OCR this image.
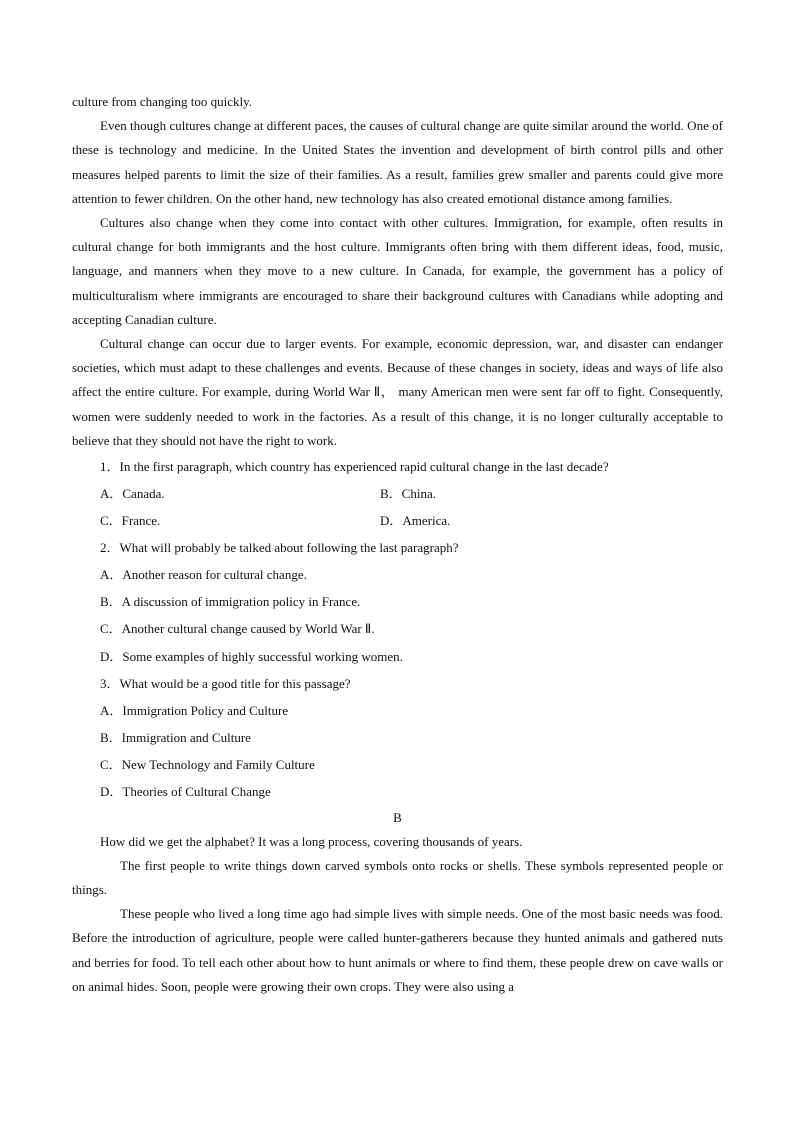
culture from changing too quickly.

Even though cultures change at different paces, the causes of cultural change are quite similar around the world. One of these is technology and medicine. In the United States the invention and development of birth control pills and other measures helped parents to limit the size of their families. As a result, families grew smaller and parents could give more attention to fewer children. On the other hand, new technology has also created emotional distance among families.

Cultures also change when they come into contact with other cultures. Immigration, for example, often results in cultural change for both immigrants and the host culture. Immigrants often bring with them different ideas, food, music, language, and manners when they move to a new culture. In Canada, for example, the government has a policy of multiculturalism where immigrants are encouraged to share their background cultures with Canadians while adopting and accepting Canadian culture.

Cultural change can occur due to larger events. For example, economic depression, war, and disaster can endanger societies, which must adapt to these challenges and events. Because of these changes in society, ideas and ways of life also affect the entire culture. For example, during World War Ⅱ， many American men were sent far off to fight. Consequently, women were suddenly needed to work in the factories. As a result of this change, it is no longer culturally acceptable to believe that they should not have the right to work.

1．In the first paragraph, which country has experienced rapid cultural change in the last decade?

A．Canada.	B．China.
C．France.	D．America.

2．What will probably be talked about following the last paragraph?

A．Another reason for cultural change.

B．A discussion of immigration policy in France.

C．Another cultural change caused by World War Ⅱ.

D．Some examples of highly successful working women.

3．What would be a good title for this passage?

A．Immigration Policy and Culture

B．Immigration and Culture

C．New Technology and Family Culture

D．Theories of Cultural Change

B

How did we get the alphabet? It was a long process, covering thousands of years.

The first people to write things down carved symbols onto rocks or shells. These symbols represented people or things.

These people who lived a long time ago had simple lives with simple needs. One of the most basic needs was food. Before the introduction of agriculture, people were called hunter-gatherers because they hunted animals and gathered nuts and berries for food. To tell each other about how to hunt animals or where to find them, these people drew on cave walls or on animal hides. Soon, people were growing their own crops. They were also using a
